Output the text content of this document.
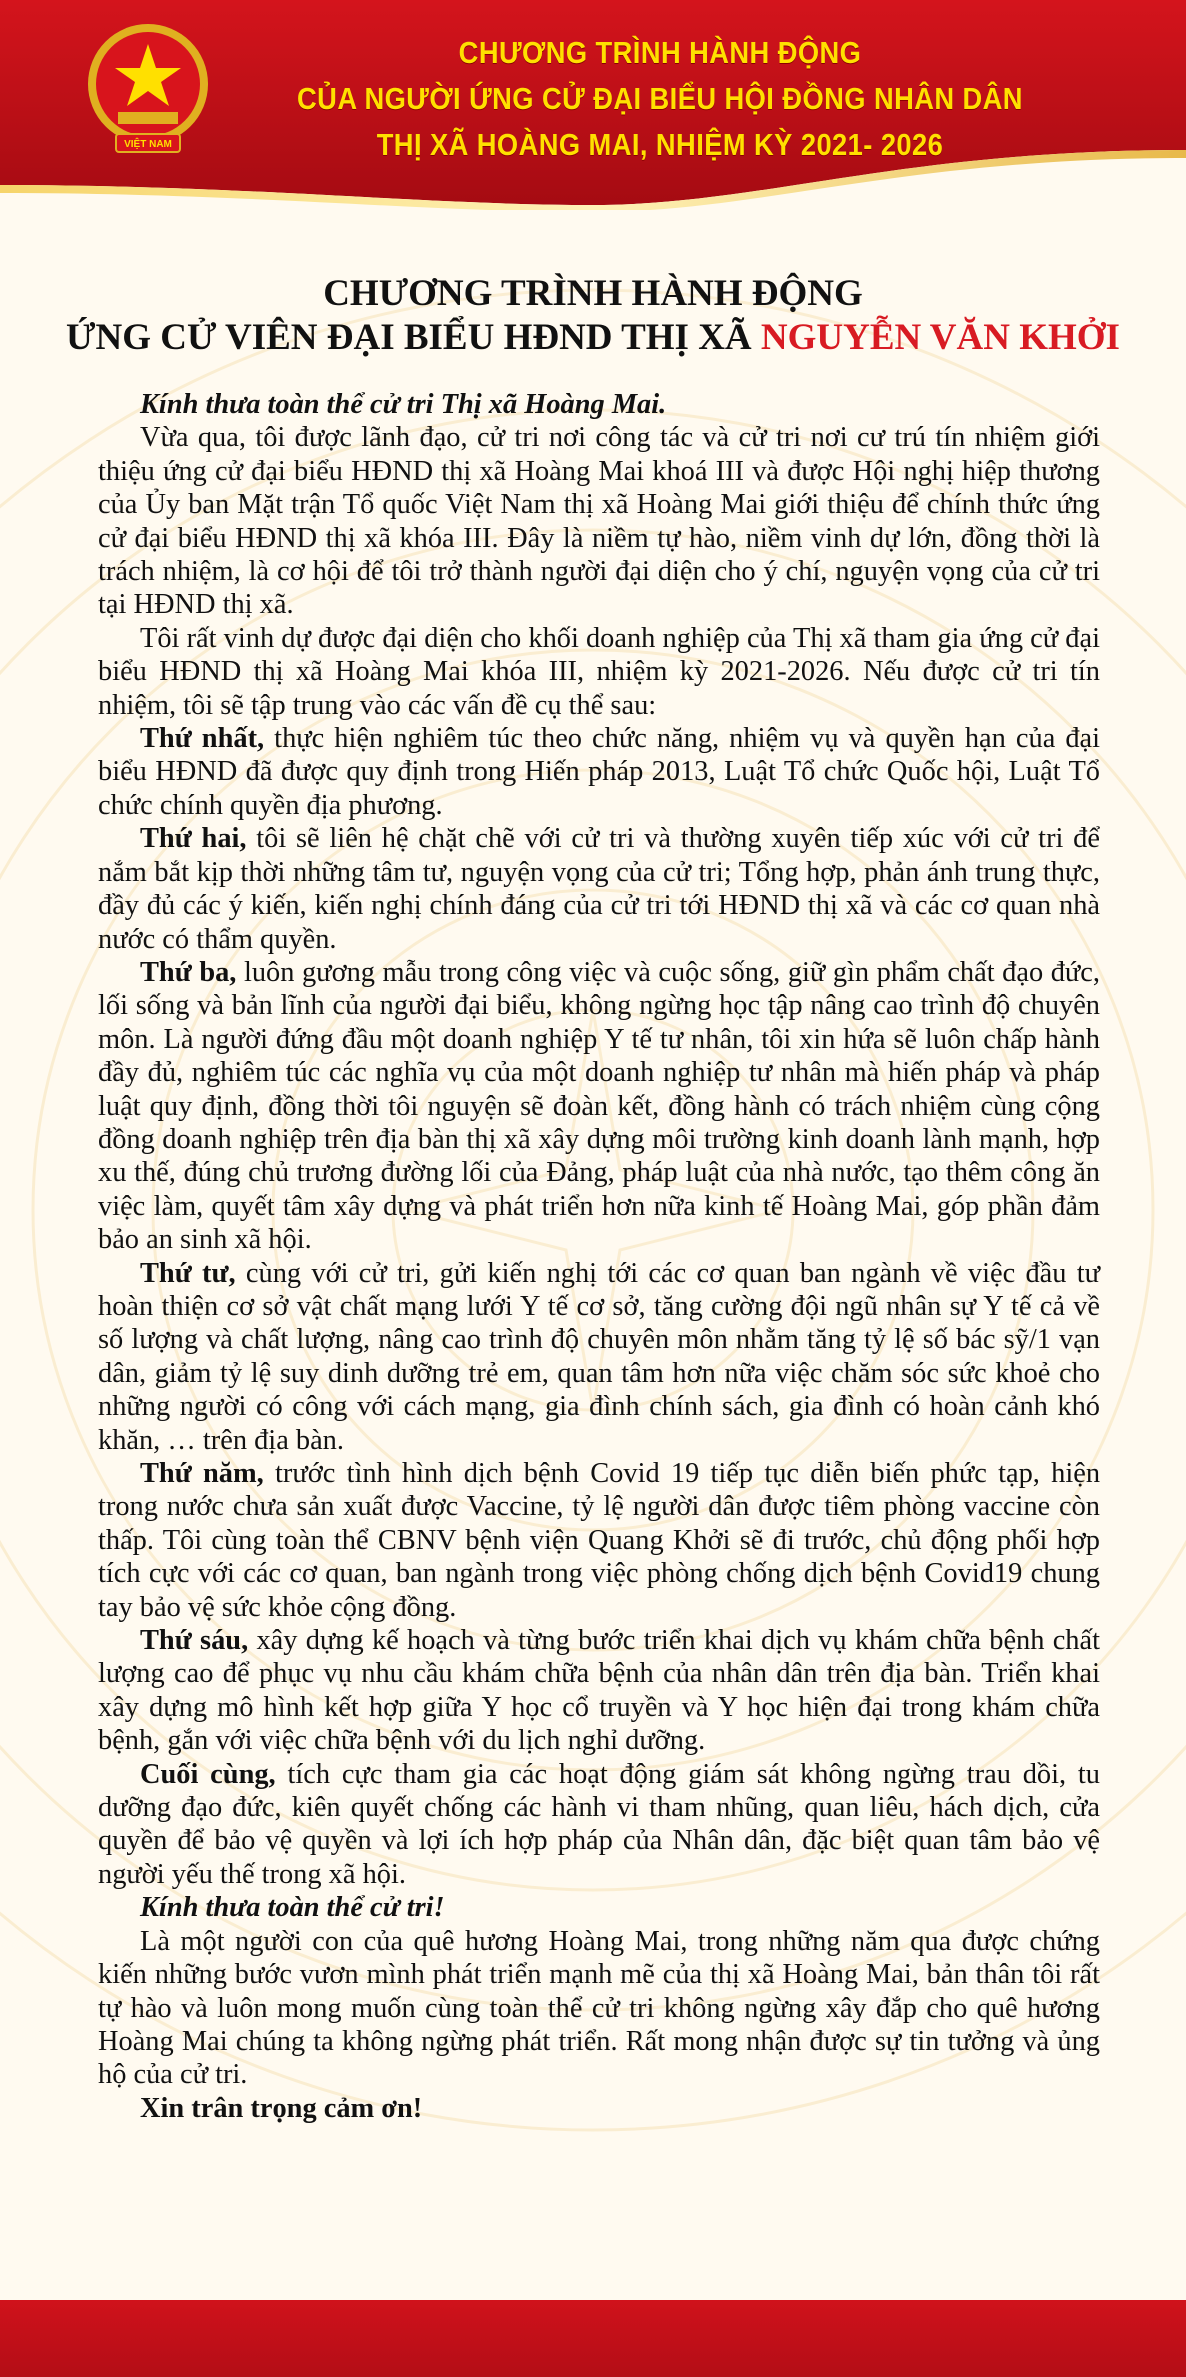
VIỆT NAM
CHƯƠNG TRÌNH HÀNH ĐỘNG
CỦA NGƯỜI ỨNG CỬ ĐẠI BIỂU HỘI ĐỒNG NHÂN DÂN
THỊ XÃ HOÀNG MAI, NHIỆM KỲ 2021- 2026
CHƯƠNG TRÌNH HÀNH ĐỘNG
ỨNG CỬ VIÊN ĐẠI BIỂU HĐND THỊ XÃ NGUYỄN VĂN KHỞI

Kính thưa toàn thể cử tri Thị xã Hoàng Mai.

Vừa qua, tôi được lãnh đạo, cử tri nơi công tác và cử tri nơi cư trú tín nhiệm giới thiệu ứng cử đại biểu HĐND thị xã Hoàng Mai khoá III và được Hội nghị hiệp thương của Ủy ban Mặt trận Tổ quốc Việt Nam thị xã Hoàng Mai giới thiệu để chính thức ứng cử đại biểu HĐND thị xã khóa III. Đây là niềm tự hào, niềm vinh dự lớn, đồng thời là trách nhiệm, là cơ hội để tôi trở thành người đại diện cho ý chí, nguyện vọng của cử tri tại HĐND thị xã.

Tôi rất vinh dự được đại diện cho khối doanh nghiệp của Thị xã tham gia ứng cử đại biểu HĐND thị xã Hoàng Mai khóa III, nhiệm kỳ 2021-2026. Nếu được cử tri tín nhiệm, tôi sẽ tập trung vào các vấn đề cụ thể sau:

Thứ nhất, thực hiện nghiêm túc theo chức năng, nhiệm vụ và quyền hạn của đại biểu HĐND đã được quy định trong Hiến pháp 2013, Luật Tổ chức Quốc hội, Luật Tổ chức chính quyền địa phương.

Thứ hai, tôi sẽ liên hệ chặt chẽ với cử tri và thường xuyên tiếp xúc với cử tri để nắm bắt kịp thời những tâm tư, nguyện vọng của cử tri; Tổng hợp, phản ánh trung thực, đầy đủ các ý kiến, kiến nghị chính đáng của cử tri tới HĐND thị xã và các cơ quan nhà nước có thẩm quyền.

Thứ ba, luôn gương mẫu trong công việc và cuộc sống, giữ gìn phẩm chất đạo đức, lối sống và bản lĩnh của người đại biểu, không ngừng học tập nâng cao trình độ chuyên môn. Là người đứng đầu một doanh nghiệp Y tế tư nhân, tôi xin hứa sẽ luôn chấp hành đầy đủ, nghiêm túc các nghĩa vụ của một doanh nghiệp tư nhân mà hiến pháp và pháp luật quy định, đồng thời tôi nguyện sẽ đoàn kết, đồng hành có trách nhiệm cùng cộng đồng doanh nghiệp trên địa bàn thị xã xây dựng môi trường kinh doanh lành mạnh, hợp xu thế, đúng chủ trương đường lối của Đảng, pháp luật của nhà nước, tạo thêm công ăn việc làm, quyết tâm xây dựng và phát triển hơn nữa kinh tế Hoàng Mai, góp phần đảm bảo an sinh xã hội.

Thứ tư, cùng với cử tri, gửi kiến nghị tới các cơ quan ban ngành về việc đầu tư hoàn thiện cơ sở vật chất mạng lưới Y tế cơ sở, tăng cường đội ngũ nhân sự Y tế cả về số lượng và chất lượng, nâng cao trình độ chuyên môn nhằm tăng tỷ lệ số bác sỹ/1 vạn dân, giảm tỷ lệ suy dinh dưỡng trẻ em, quan tâm hơn nữa việc chăm sóc sức khoẻ cho những người có công với cách mạng, gia đình chính sách, gia đình có hoàn cảnh khó khăn, … trên địa bàn.

Thứ năm, trước tình hình dịch bệnh Covid 19 tiếp tục diễn biến phức tạp, hiện trong nước chưa sản xuất được Vaccine, tỷ lệ người dân được tiêm phòng vaccine còn thấp. Tôi cùng toàn thể CBNV bệnh viện Quang Khởi sẽ đi trước, chủ động phối hợp tích cực với các cơ quan, ban ngành trong việc phòng chống dịch bệnh Covid19 chung tay bảo vệ sức khỏe cộng đồng.

Thứ sáu, xây dựng kế hoạch và từng bước triển khai dịch vụ khám chữa bệnh chất lượng cao để phục vụ nhu cầu khám chữa bệnh của nhân dân trên địa bàn. Triển khai xây dựng mô hình kết hợp giữa Y học cổ truyền và Y học hiện đại trong khám chữa bệnh, gắn với việc chữa bệnh với du lịch nghỉ dưỡng.

Cuối cùng, tích cực tham gia các hoạt động giám sát không ngừng trau dồi, tu dưỡng đạo đức, kiên quyết chống các hành vi tham nhũng, quan liêu, hách dịch, cửa quyền để bảo vệ quyền và lợi ích hợp pháp của Nhân dân, đặc biệt quan tâm bảo vệ người yếu thế trong xã hội.

Kính thưa toàn thể cử tri!

Là một người con của quê hương Hoàng Mai, trong những năm qua được chứng kiến những bước vươn mình phát triển mạnh mẽ của thị xã Hoàng Mai, bản thân tôi rất tự hào và luôn mong muốn cùng toàn thể cử tri không ngừng xây đắp cho quê hương Hoàng Mai chúng ta không ngừng phát triển. Rất mong nhận được sự tin tưởng và ủng hộ của cử tri.

Xin trân trọng cảm ơn!
